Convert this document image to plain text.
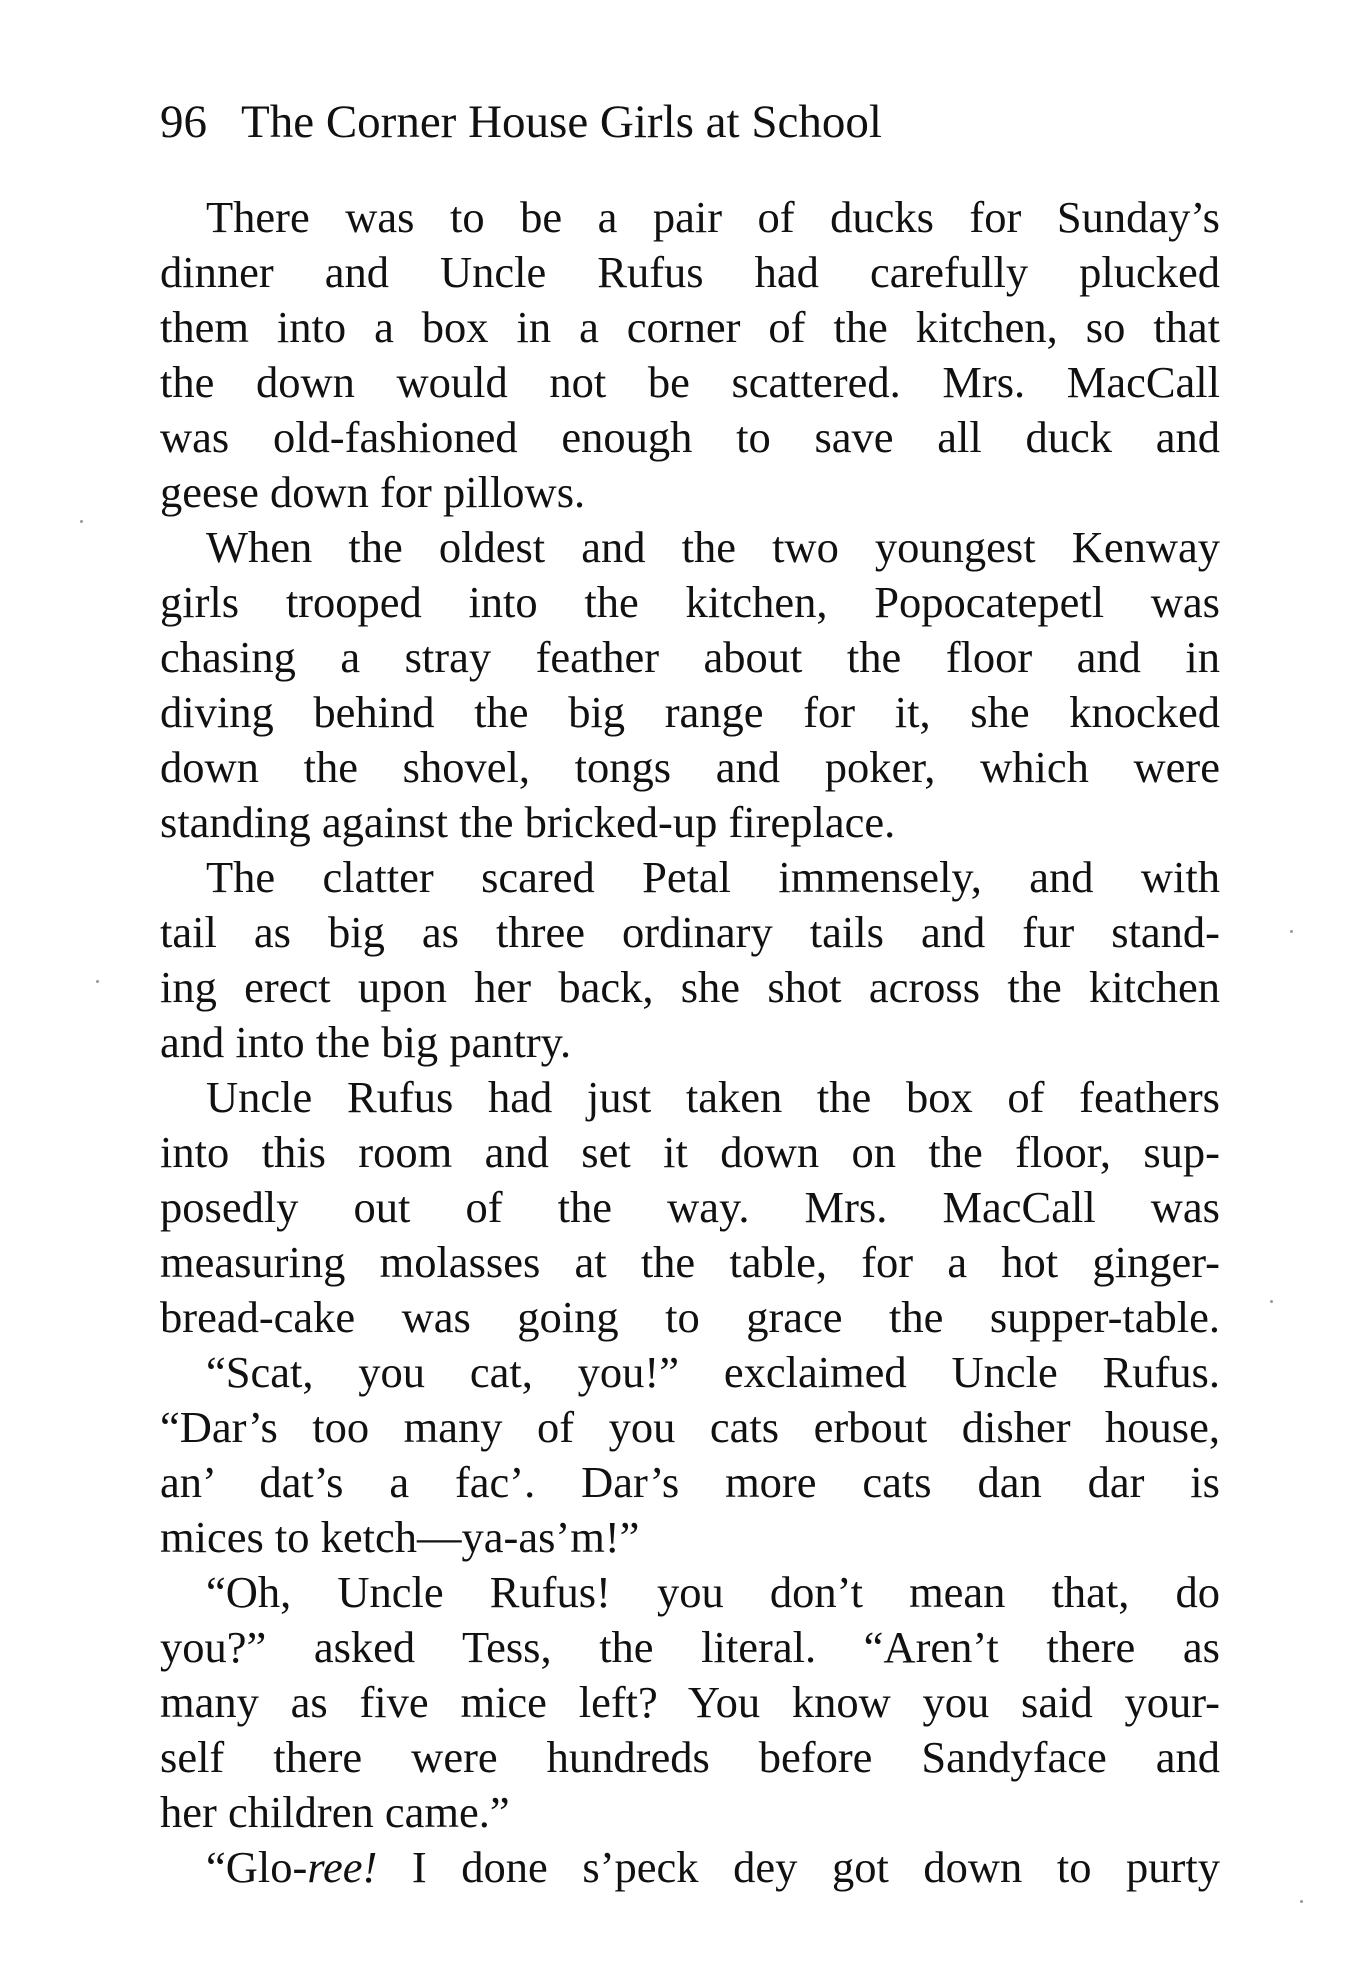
96 The Corner House Girls at School
There was to be a pair of ducks for Sunday’s
dinner and Uncle Rufus had carefully plucked
them into a box in a corner of the kitchen, so that
the down would not be scattered. Mrs. MacCall
was old-fashioned enough to save all duck and
geese down for pillows.
When the oldest and the two youngest Kenway
girls trooped into the kitchen, Popocatepetl was
chasing a stray feather about the floor and in
diving behind the big range for it, she knocked
down the shovel, tongs and poker, which were
standing against the bricked-up fireplace.
The clatter scared Petal immensely, and with
tail as big as three ordinary tails and fur stand-
ing erect upon her back, she shot across the kitchen
and into the big pantry.
Uncle Rufus had just taken the box of feathers
into this room and set it down on the floor, sup-
posedly out of the way. Mrs. MacCall was
measuring molasses at the table, for a hot ginger-
bread-cake was going to grace the supper-table.
“Scat, you cat, you!” exclaimed Uncle Rufus.
“Dar’s too many of you cats erbout disher house,
an’ dat’s a fac’. Dar’s more cats dan dar is
mices to ketch—ya-as’m!”
“Oh, Uncle Rufus! you don’t mean that, do
you?” asked Tess, the literal. “Aren’t there as
many as five mice left? You know you said your-
self there were hundreds before Sandyface and
her children came.”
“Glo-ree! I done s’peck dey got down to purty
